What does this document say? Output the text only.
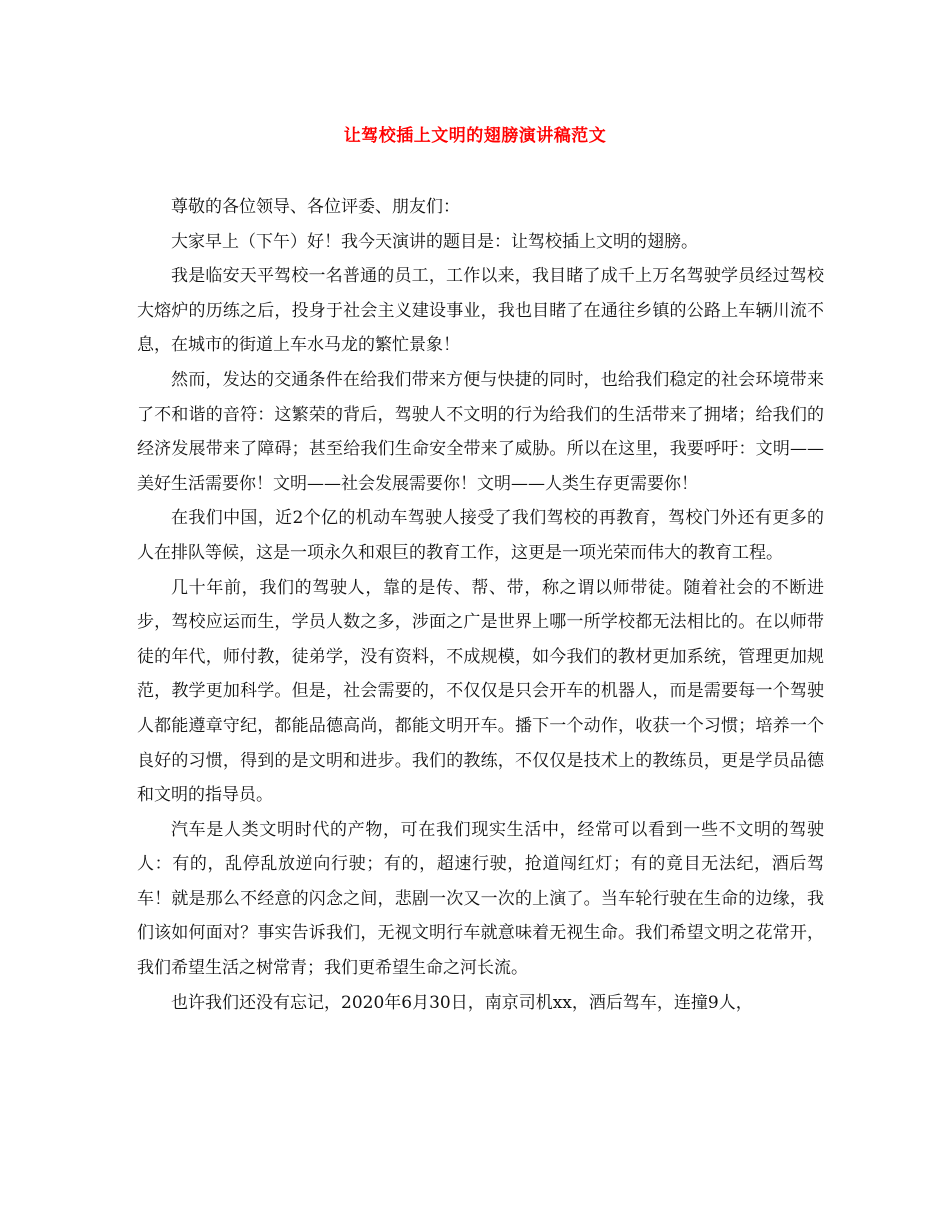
让驾校插上文明的翅膀演讲稿范文

尊敬的各位领导、各位评委、朋友们：

大家早上（下午）好！我今天演讲的题目是：让驾校插上文明的翅膀。

我是临安天平驾校一名普通的员工，工作以来，我目睹了成千上万名驾驶学员经过驾校大熔炉的历练之后，投身于社会主义建设事业，我也目睹了在通往乡镇的公路上车辆川流不息，在城市的街道上车水马龙的繁忙景象！

然而，发达的交通条件在给我们带来方便与快捷的同时，也给我们稳定的社会环境带来了不和谐的音符：这繁荣的背后，驾驶人不文明的行为给我们的生活带来了拥堵；给我们的经济发展带来了障碍；甚至给我们生命安全带来了威胁。所以在这里，我要呼吁：文明——美好生活需要你！文明——社会发展需要你！文明——人类生存更需要你！

在我们中国，近2个亿的机动车驾驶人接受了我们驾校的再教育，驾校门外还有更多的人在排队等候，这是一项永久和艰巨的教育工作，这更是一项光荣而伟大的教育工程。

几十年前，我们的驾驶人，靠的是传、帮、带，称之谓以师带徒。随着社会的不断进步，驾校应运而生，学员人数之多，涉面之广是世界上哪一所学校都无法相比的。在以师带徒的年代，师付教，徒弟学，没有资料，不成规模，如今我们的教材更加系统，管理更加规范，教学更加科学。但是，社会需要的，不仅仅是只会开车的机器人，而是需要每一个驾驶人都能遵章守纪，都能品德高尚，都能文明开车。播下一个动作，收获一个习惯；培养一个良好的习惯，得到的是文明和进步。我们的教练，不仅仅是技术上的教练员，更是学员品德和文明的指导员。

汽车是人类文明时代的产物，可在我们现实生活中，经常可以看到一些不文明的驾驶人：有的，乱停乱放逆向行驶；有的，超速行驶，抢道闯红灯；有的竟目无法纪，酒后驾车！就是那么不经意的闪念之间，悲剧一次又一次的上演了。当车轮行驶在生命的边缘，我们该如何面对？事实告诉我们，无视文明行车就意味着无视生命。我们希望文明之花常开，我们希望生活之树常青；我们更希望生命之河长流。

也许我们还没有忘记，2020年6月30日，南京司机xx，酒后驾车，连撞9人，
